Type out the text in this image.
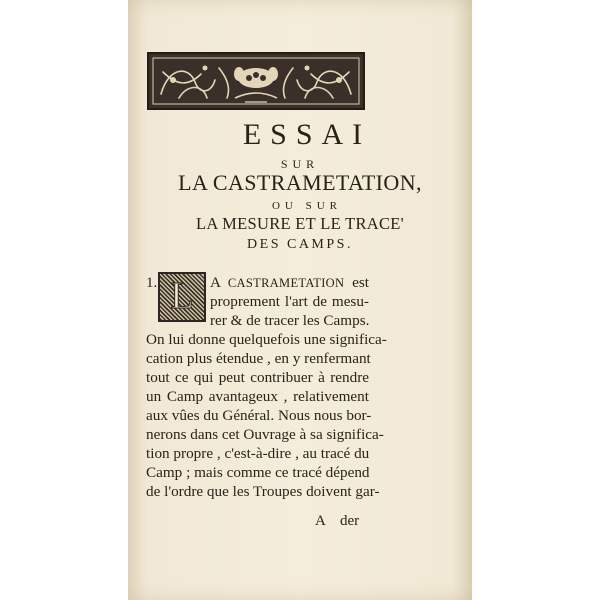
ESSAI
SUR
LA CASTRAMETATION,
OU SUR
LA MESURE ET LE TRACE'
DES CAMPS.
1. L A CASTRAMETATION est
proprement l'art de mesu-
rer & de tracer les Camps.
On lui donne quelquefois une significa-
cation plus étendue , en y renfermant
tout ce qui peut contribuer à rendre
un Camp avantageux , relativement
aux vûes du Général. Nous nous bor-
nerons dans cet Ouvrage à sa significa-
tion propre , c'est-à-dire , au tracé du
Camp ; mais comme ce tracé dépend
de l'ordre que les Troupes doivent gar-
A der
